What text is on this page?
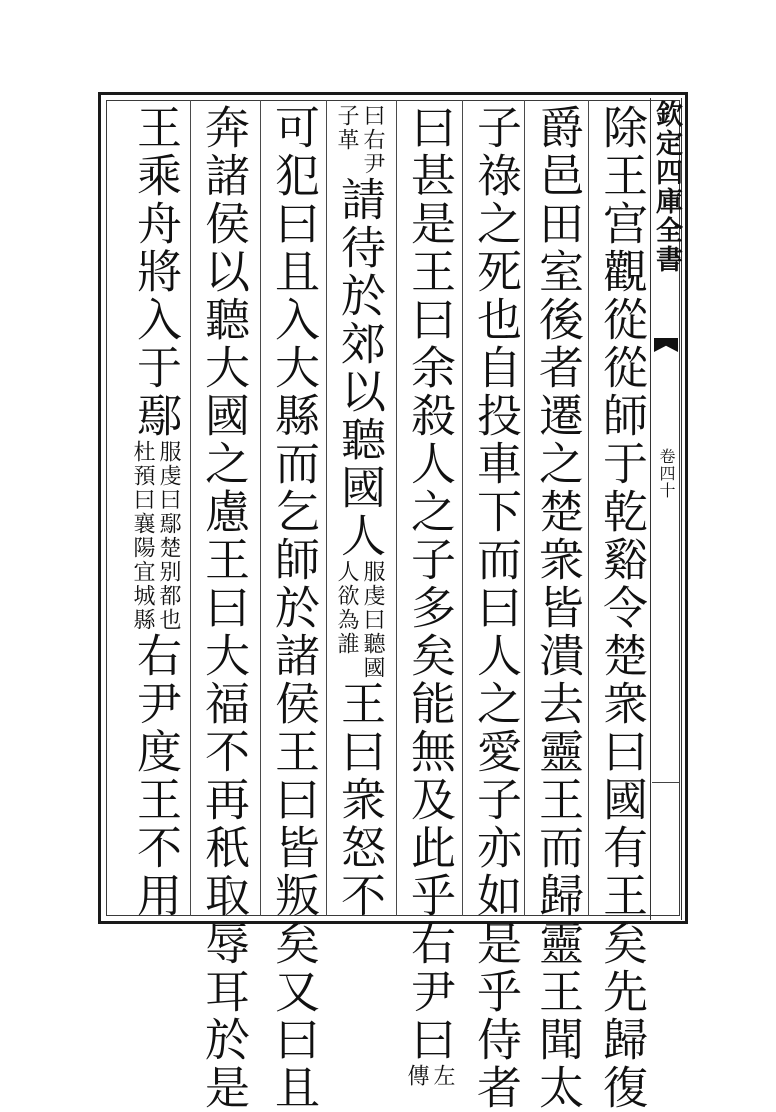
欽定四庫全書
卷四十
除王宫觀從從師于乾谿令楚衆曰國有王矣先歸復
爵邑田室後者遷之楚衆皆潰去靈王而歸靈王聞太
子祿之死也自投車下而曰人之愛子亦如是乎侍者
曰甚是王曰余殺人之子多矣能無及此乎右尹曰
左
傳
曰右尹
子革
請待於郊以聽國人
服虔曰聽國
人欲為誰
王曰衆怒不
可犯曰且入大縣而乞師於諸侯王曰皆叛矣又曰且
奔諸侯以聽大國之慮王曰大福不再秖取辱耳於是
王乘舟將入于鄢
服虔曰鄢楚别都也
杜預曰襄陽宜城縣
右尹度王不用
